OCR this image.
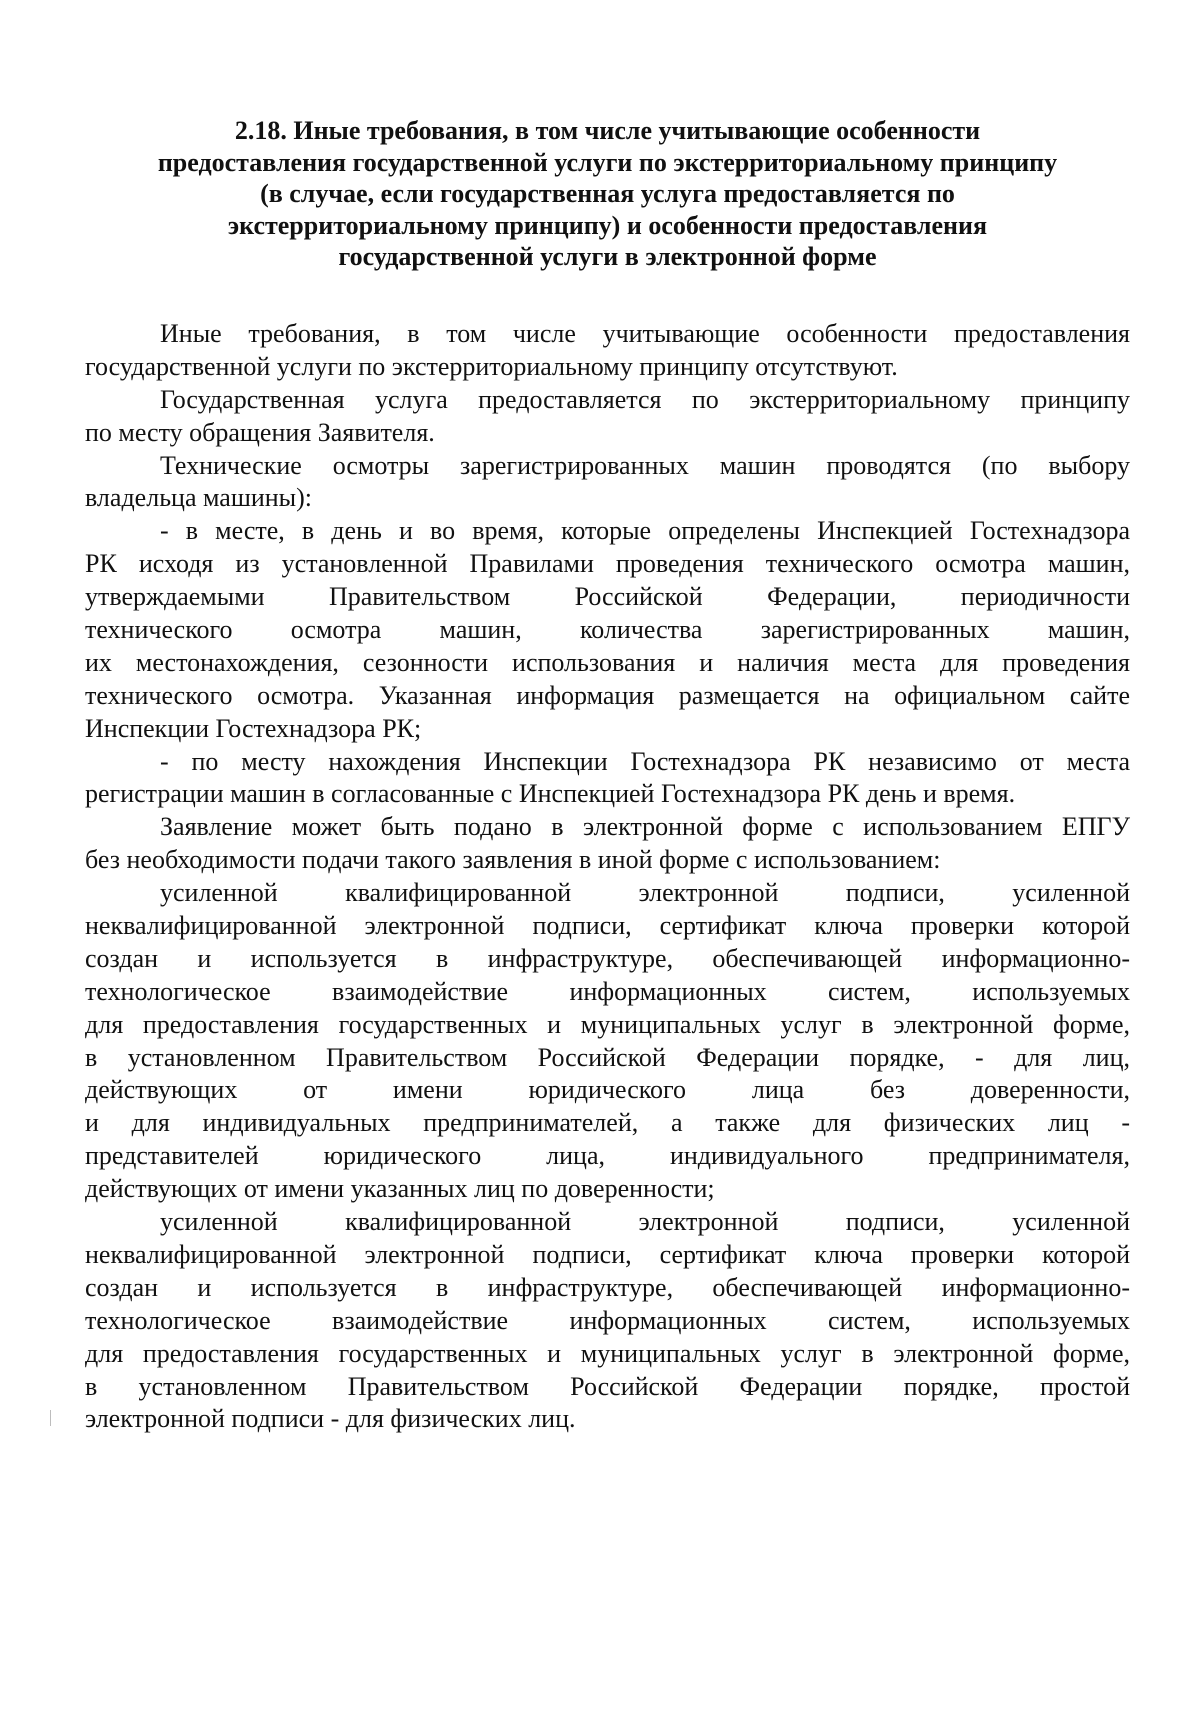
2.18. Иные требования, в том числе учитывающие особенности
предоставления государственной услуги по экстерриториальному принципу
(в случае, если государственная услуга предоставляется по
экстерриториальному принципу) и особенности предоставления
государственной услуги в электронной форме

Иные требования, в том числе учитывающие особенности предоставления
государственной услуги по экстерриториальному принципу отсутствуют.

Государственная услуга предоставляется по экстерриториальному принципу
по месту обращения Заявителя.

Технические осмотры зарегистрированных машин проводятся (по выбору
владельца машины):

- в месте, в день и во время, которые определены Инспекцией Гостехнадзора
РК исходя из установленной Правилами проведения технического осмотра машин,
утверждаемыми Правительством Российской Федерации, периодичности
технического осмотра машин, количества зарегистрированных машин,
их местонахождения, сезонности использования и наличия места для проведения
технического осмотра. Указанная информация размещается на официальном сайте
Инспекции Гостехнадзора РК;

- по месту нахождения Инспекции Гостехнадзора РК независимо от места
регистрации машин в согласованные с Инспекцией Гостехнадзора РК день и время.

Заявление может быть подано в электронной форме с использованием ЕПГУ
без необходимости подачи такого заявления в иной форме с использованием:

усиленной квалифицированной электронной подписи, усиленной
неквалифицированной электронной подписи, сертификат ключа проверки которой
создан и используется в инфраструктуре, обеспечивающей информационно-
технологическое взаимодействие информационных систем, используемых
для предоставления государственных и муниципальных услуг в электронной форме,
в установленном Правительством Российской Федерации порядке, - для лиц,
действующих от имени юридического лица без доверенности,
и для индивидуальных предпринимателей, а также для физических лиц -
представителей юридического лица, индивидуального предпринимателя,
действующих от имени указанных лиц по доверенности;

усиленной квалифицированной электронной подписи, усиленной
неквалифицированной электронной подписи, сертификат ключа проверки которой
создан и используется в инфраструктуре, обеспечивающей информационно-
технологическое взаимодействие информационных систем, используемых
для предоставления государственных и муниципальных услуг в электронной форме,
в установленном Правительством Российской Федерации порядке, простой
электронной подписи - для физических лиц.
